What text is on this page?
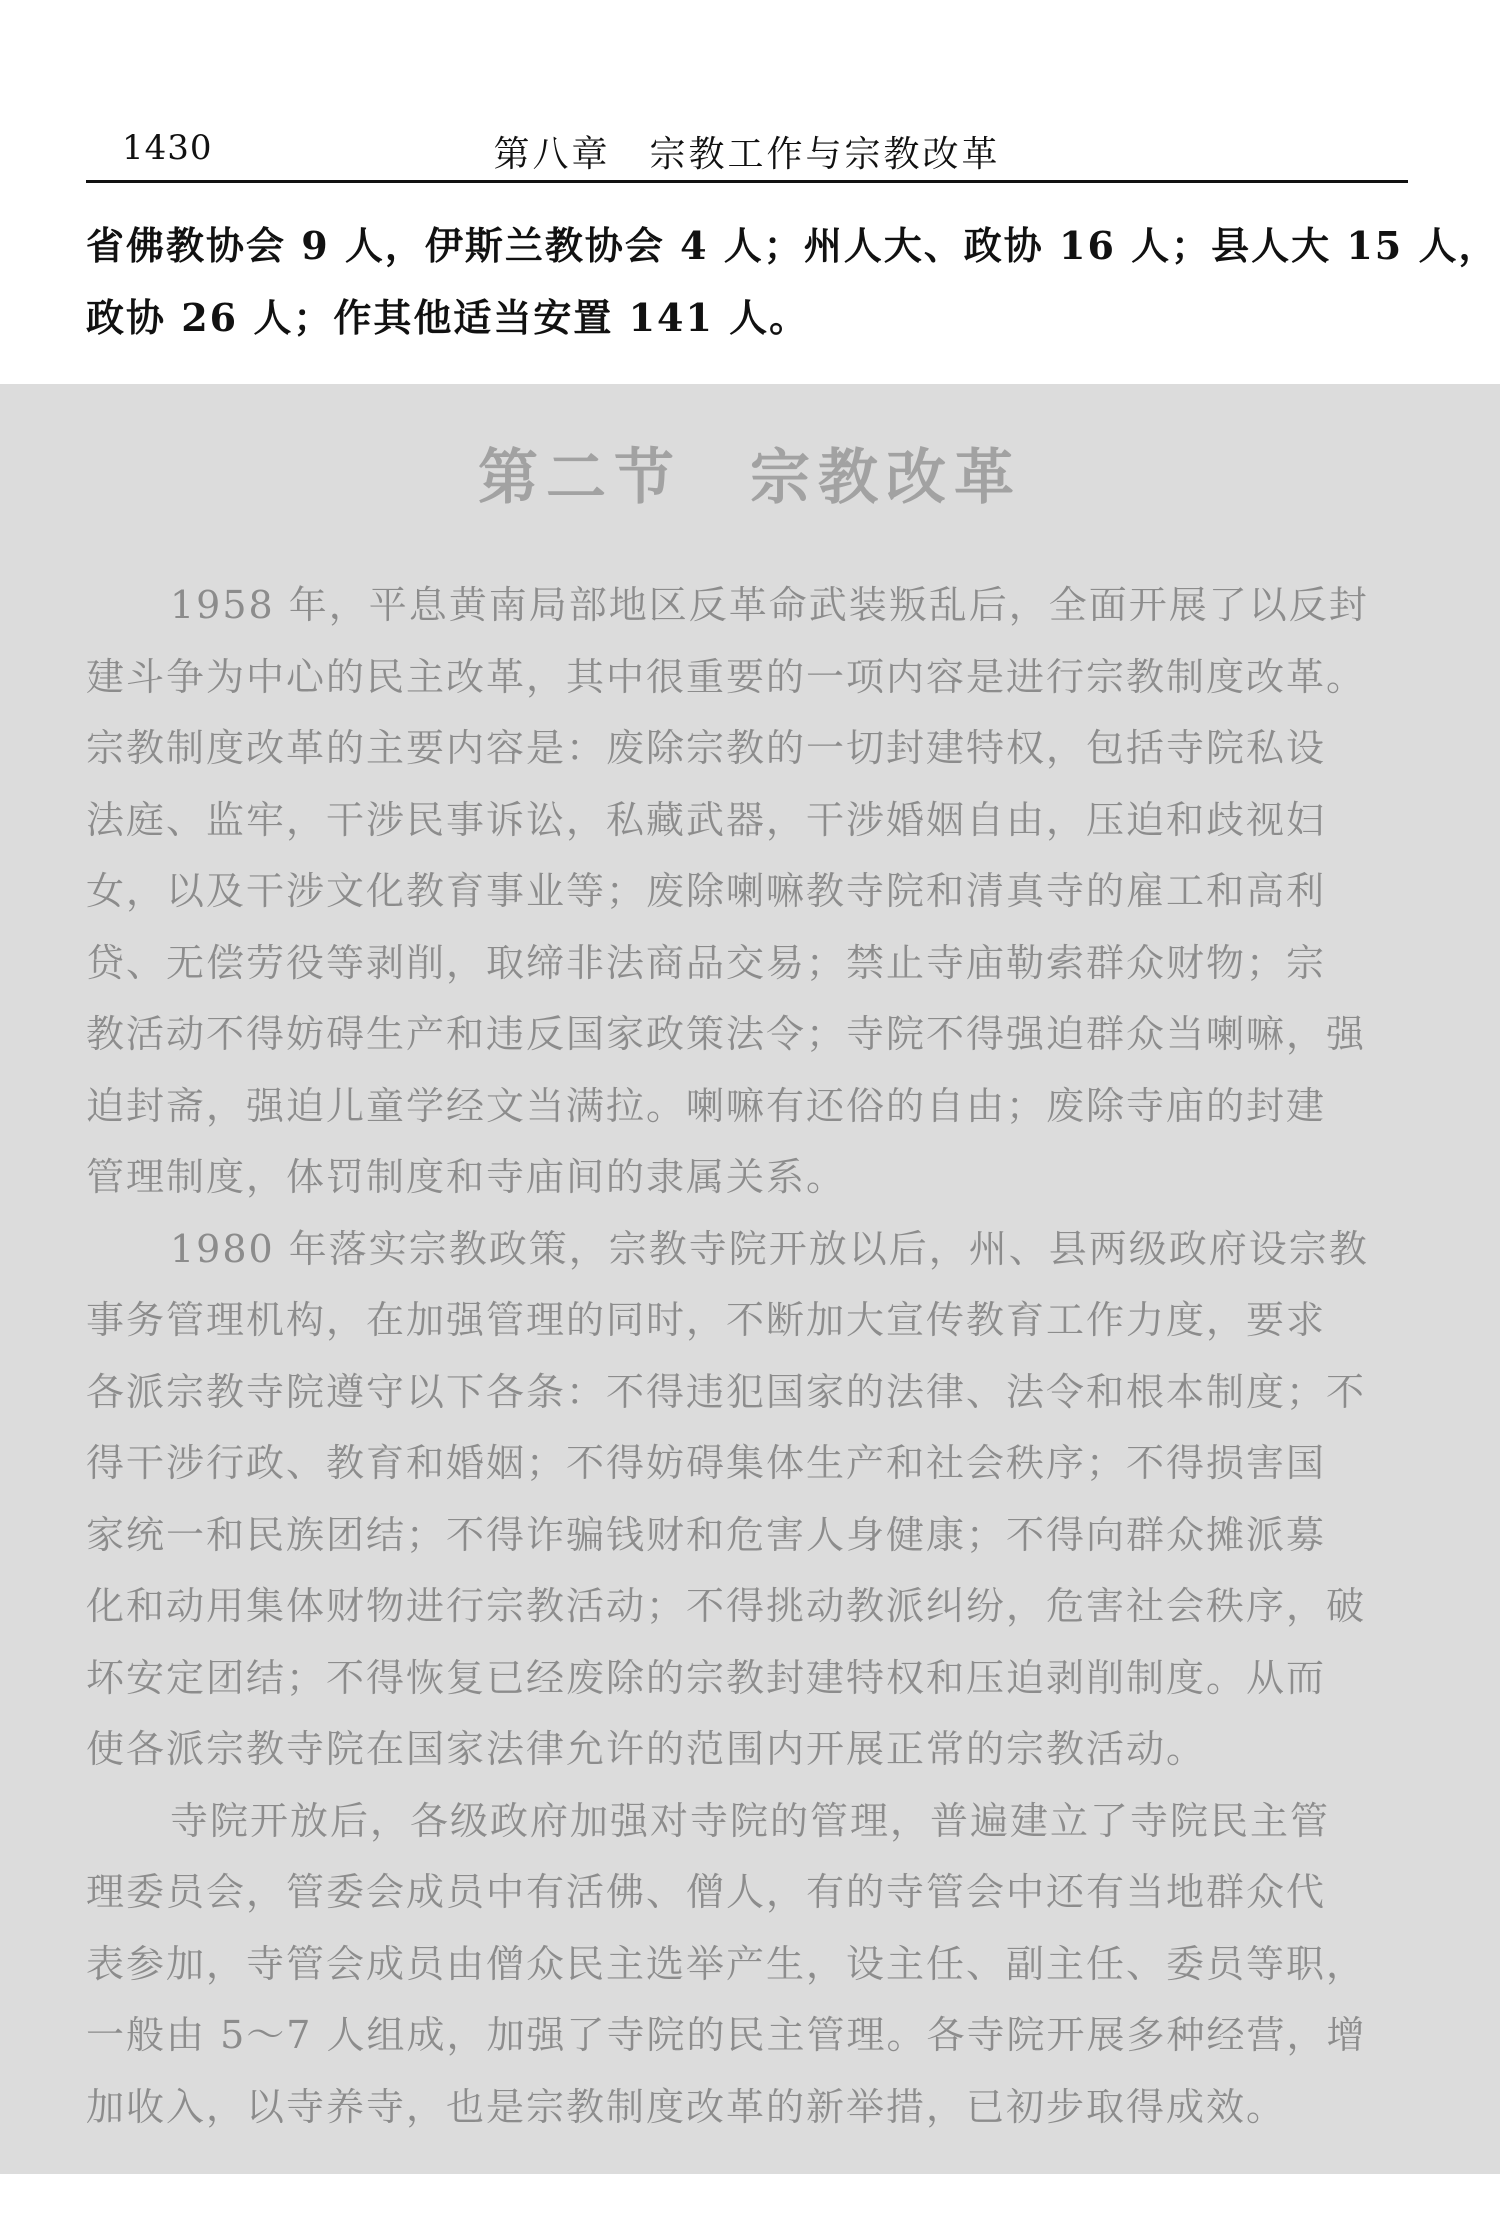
1430	第八章　宗教工作与宗教改革

省佛教协会 9 人，伊斯兰教协会 4 人；州人大、政协 16 人；县人大 15 人，
政协 26 人；作其他适当安置 141 人。

第二节　宗教改革
1958 年，平息黄南局部地区反革命武装叛乱后，全面开展了以反封
建斗争为中心的民主改革，其中很重要的一项内容是进行宗教制度改革。
宗教制度改革的主要内容是：废除宗教的一切封建特权，包括寺院私设
法庭、监牢，干涉民事诉讼，私藏武器，干涉婚姻自由，压迫和歧视妇
女，以及干涉文化教育事业等；废除喇嘛教寺院和清真寺的雇工和高利
贷、无偿劳役等剥削，取缔非法商品交易；禁止寺庙勒索群众财物；宗
教活动不得妨碍生产和违反国家政策法令；寺院不得强迫群众当喇嘛，强
迫封斋，强迫儿童学经文当满拉。喇嘛有还俗的自由；废除寺庙的封建
管理制度，体罚制度和寺庙间的隶属关系。
1980 年落实宗教政策，宗教寺院开放以后，州、县两级政府设宗教
事务管理机构，在加强管理的同时，不断加大宣传教育工作力度，要求
各派宗教寺院遵守以下各条：不得违犯国家的法律、法令和根本制度；不
得干涉行政、教育和婚姻；不得妨碍集体生产和社会秩序；不得损害国
家统一和民族团结；不得诈骗钱财和危害人身健康；不得向群众摊派募
化和动用集体财物进行宗教活动；不得挑动教派纠纷，危害社会秩序，破
坏安定团结；不得恢复已经废除的宗教封建特权和压迫剥削制度。从而
使各派宗教寺院在国家法律允许的范围内开展正常的宗教活动。
寺院开放后，各级政府加强对寺院的管理，普遍建立了寺院民主管
理委员会，管委会成员中有活佛、僧人，有的寺管会中还有当地群众代
表参加，寺管会成员由僧众民主选举产生，设主任、副主任、委员等职，
一般由 5～7 人组成，加强了寺院的民主管理。各寺院开展多种经营，增
加收入，以寺养寺，也是宗教制度改革的新举措，已初步取得成效。
